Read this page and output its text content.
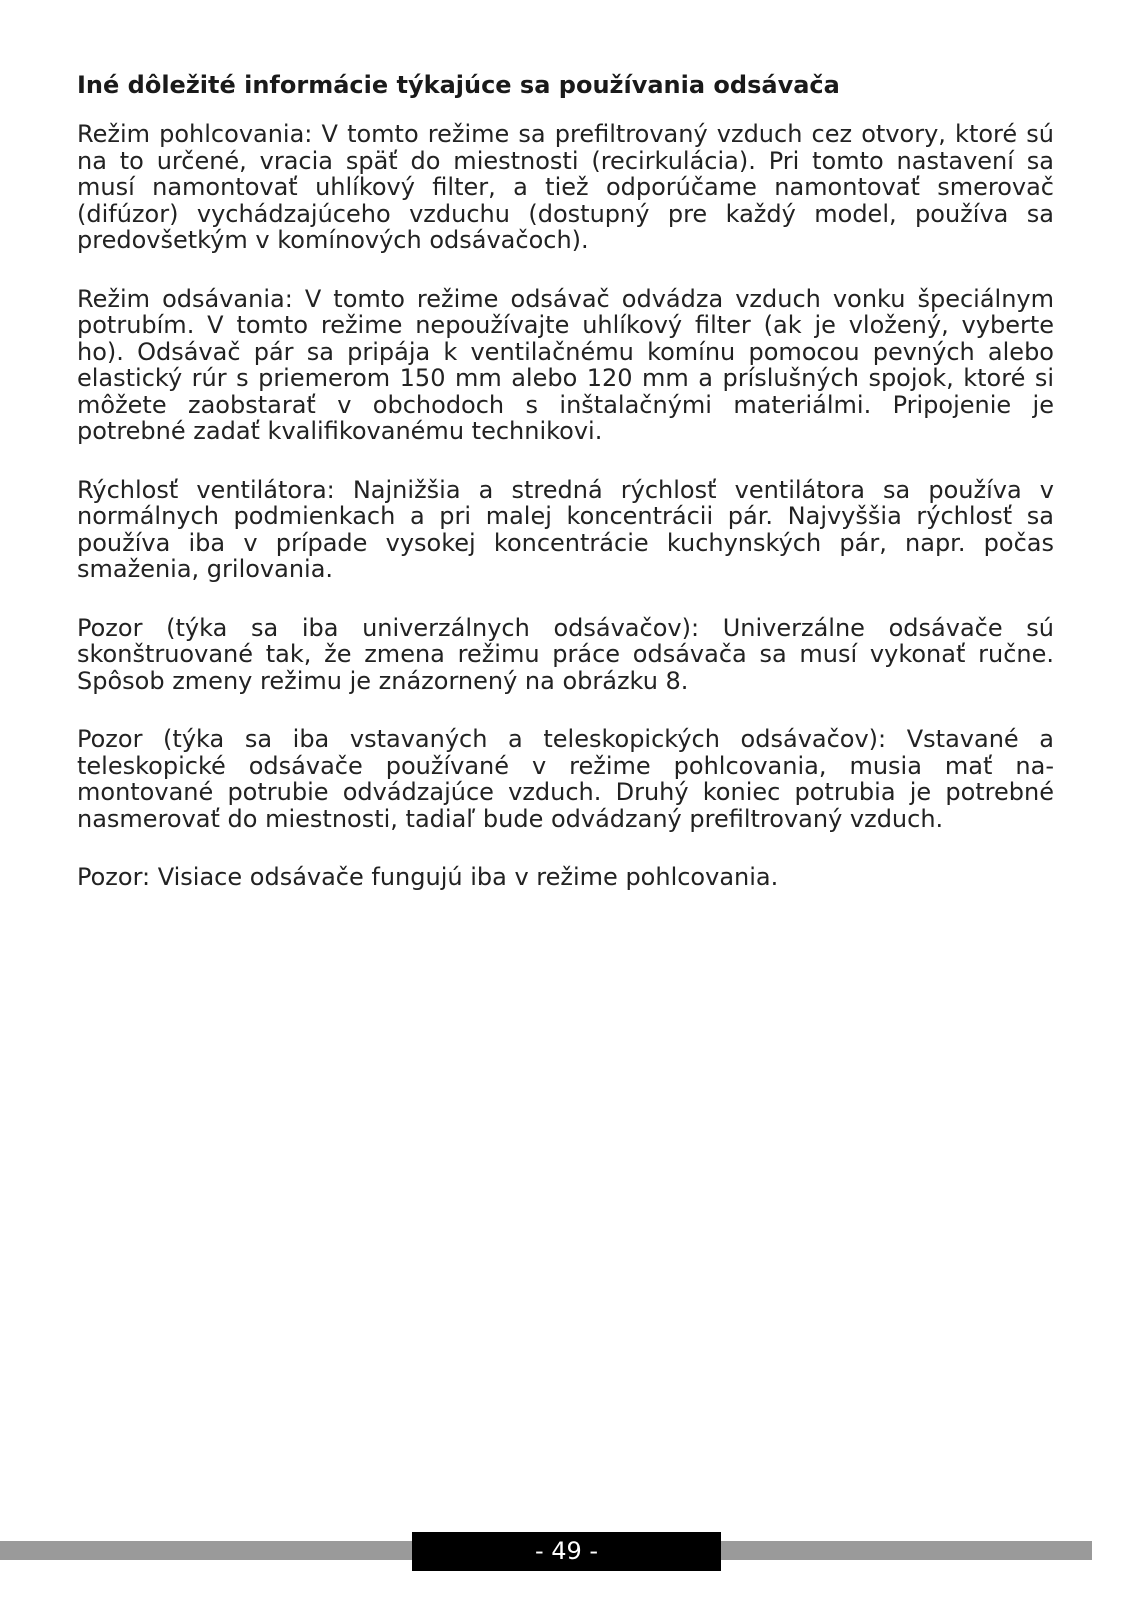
Iné dôležité informácie týkajúce sa používania odsávača

Režim pohlcovania: V tomto režime sa prefiltrovaný vzduch cez otvory, ktoré sú na to určené, vracia späť do miestnosti (recirkulácia). Pri tomto nastavení sa musí namontovať uhlíkový filter, a tiež odporúčame namontovať smerovač (difúzor) vychádzajúceho vzduchu (dostupný pre každý model, používa sa predovšetkým v komínových odsávačoch).

Režim odsávania: V tomto režime odsávač odvádza vzduch vonku špeciálnym potrubím. V tomto režime nepoužívajte uhlíkový filter (ak je vložený, vyberte ho). Odsávač pár sa pripája k ventilačnému komínu pomocou pevných alebo elastický rúr s priemerom 150 mm alebo 120 mm a príslušných spojok, ktoré si môžete zaobstarať v obchodoch s inštalačnými materiálmi. Pripojenie je potrebné zadať kvalifikovanému technikovi.

Rýchlosť ventilátora: Najnižšia a stredná rýchlosť ventilátora sa používa v normálnych podmienkach a pri malej koncentrácii pár. Najvyššia rýchlosť sa používa iba v prípade vysokej koncentrácie kuchynských pár, napr. počas smaženia, grilovania.

Pozor (týka sa iba univerzálnych odsávačov): Univerzálne odsávače sú skonštruované tak, že zmena režimu práce odsávača sa musí vykonať ručne. Spôsob zmeny režimu je znázornený na obrázku 8.

Pozor (týka sa iba vstavaných a teleskopických odsávačov): Vstavané a teleskopické odsávače používané v režime pohlcovania, musia mať namontované potrubie odvádzajúce vzduch. Druhý koniec potrubia je potrebné nasmerovať do miestnosti, tadiaľ bude odvádzaný prefiltrovaný vzduch.

Pozor: Visiace odsávače fungujú iba v režime pohlcovania.

- 49 -
